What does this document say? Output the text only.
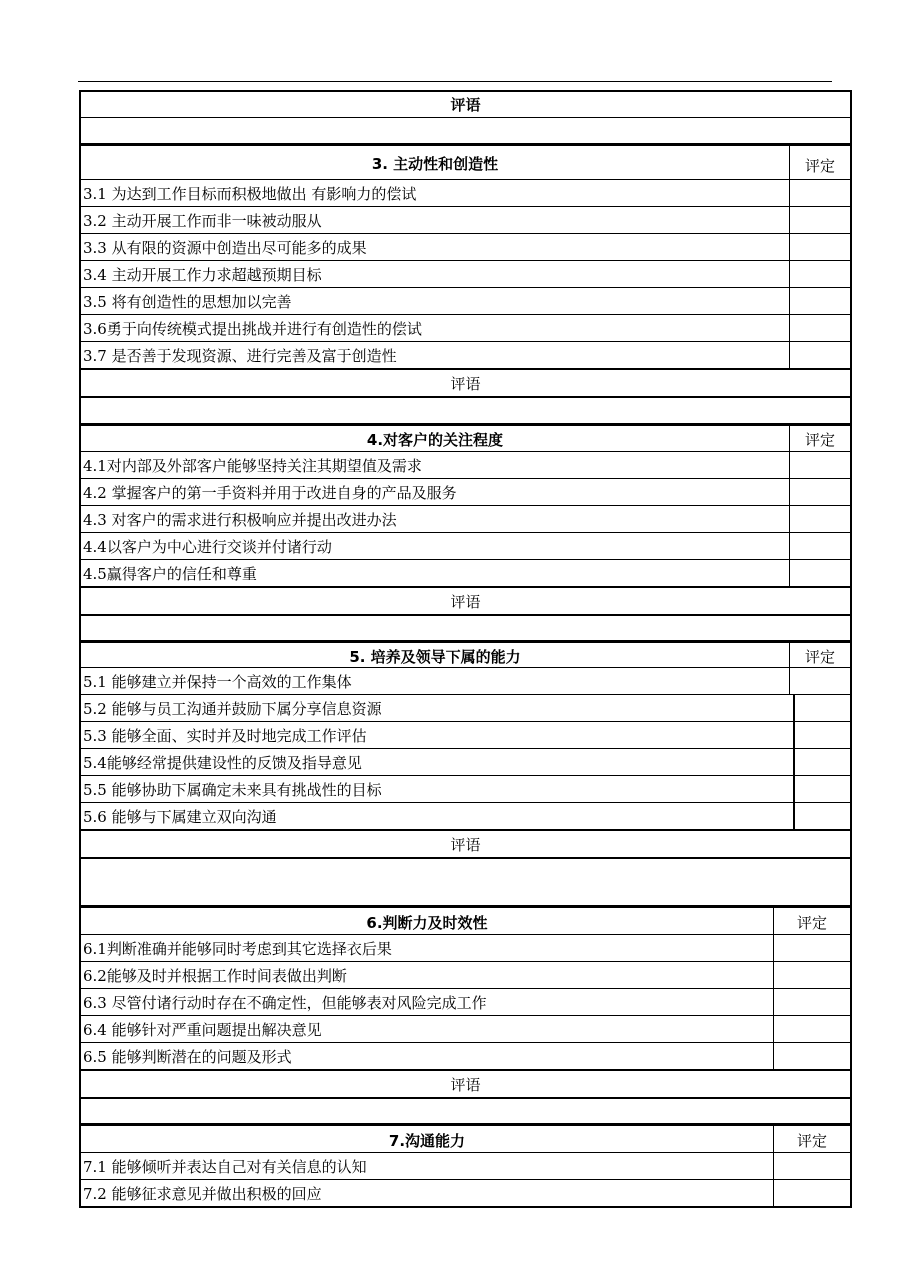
评语
3. 主动性和创造性	评定
3.1 为达到工作目标而积极地做出 有影响力的偿试
3.2 主动开展工作而非一味被动服从
3.3 从有限的资源中创造出尽可能多的成果
3.4 主动开展工作力求超越预期目标
3.5 将有创造性的思想加以完善
3.6勇于向传统模式提出挑战并进行有创造性的偿试
3.7 是否善于发现资源、进行完善及富于创造性
评语
4.对客户的关注程度	评定
4.1对内部及外部客户能够坚持关注其期望值及需求
4.2 掌握客户的第一手资料并用于改进自身的产品及服务
4.3 对客户的需求进行积极响应并提出改进办法
4.4以客户为中心进行交谈并付诸行动
4.5赢得客户的信任和尊重
评语
5. 培养及领导下属的能力	评定
5.1 能够建立并保持一个高效的工作集体
5.2 能够与员工沟通并鼓励下属分享信息资源
5.3 能够全面、实时并及时地完成工作评估
5.4能够经常提供建设性的反馈及指导意见
5.5 能够协助下属确定未来具有挑战性的目标
5.6 能够与下属建立双向沟通
评语
6.判断力及时效性	评定
6.1判断准确并能够同时考虑到其它选择衣后果
6.2能够及时并根据工作时间表做出判断
6.3 尽管付诸行动时存在不确定性，但能够表对风险完成工作
6.4 能够针对严重问题提出解决意见
6.5 能够判断潜在的问题及形式
评语
7.沟通能力	评定
7.1 能够倾听并表达自己对有关信息的认知
7.2 能够征求意见并做出积极的回应
